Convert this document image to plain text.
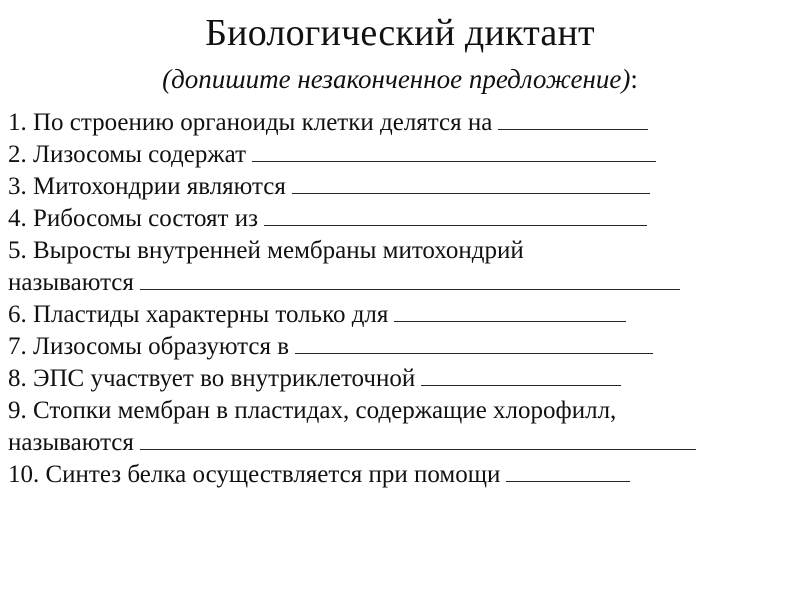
Биологический диктант

(допишите незаконченное предложение):

1. По строению органоиды клетки делятся на
2. Лизосомы содержат
3. Митохондрии являются
4. Рибосомы состоят из
5. Выросты внутренней мембраны митохондрий
называются
6. Пластиды характерны только для
7. Лизосомы образуются в
8. ЭПС участвует во внутриклеточной
9. Стопки мембран в пластидах, содержащие хлорофилл,
называются
10. Синтез белка осуществляется при помощи
